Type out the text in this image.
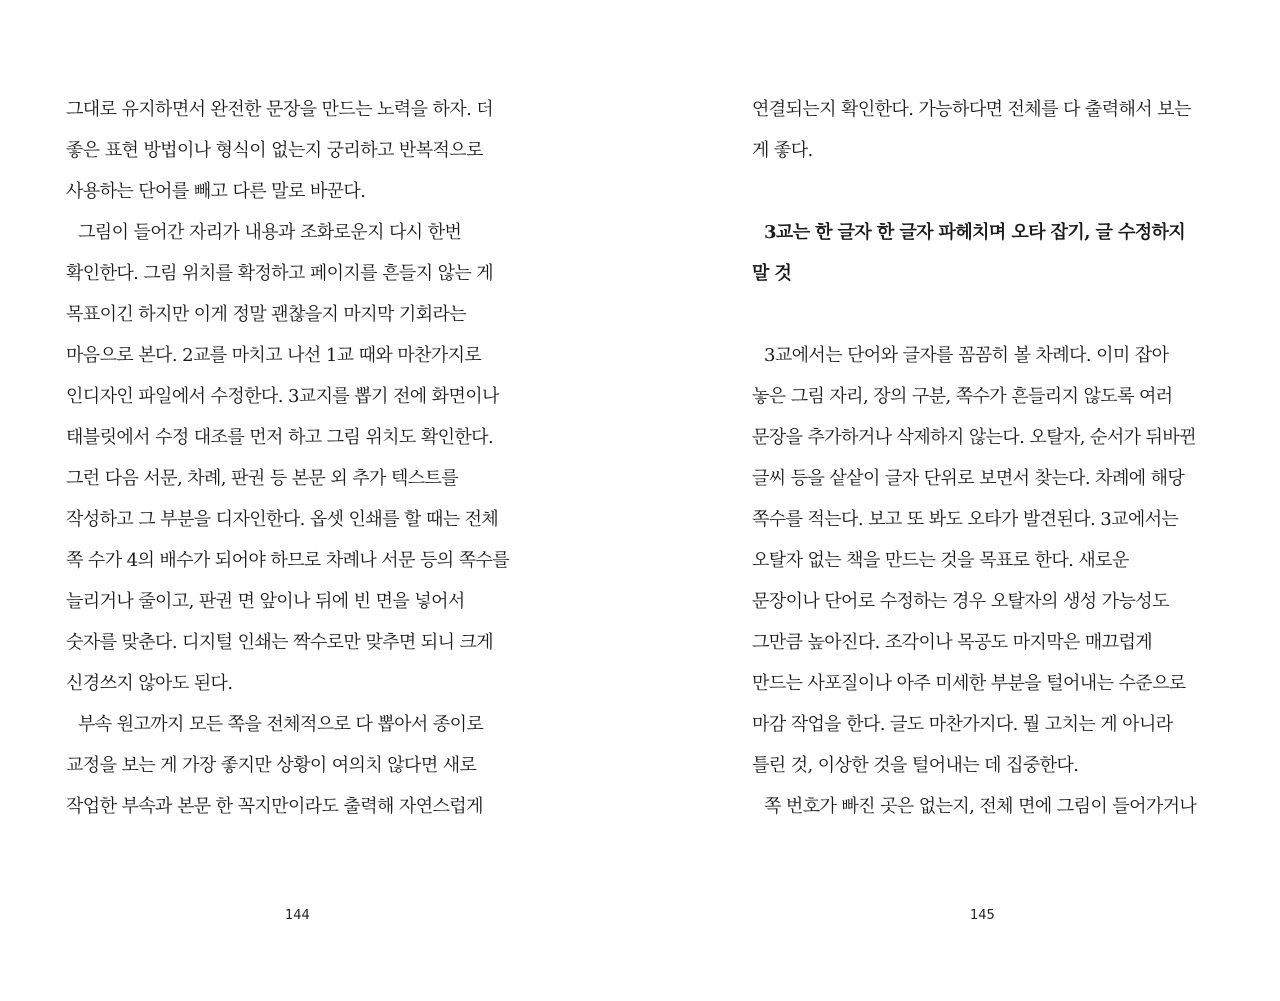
그대로 유지하면서 완전한 문장을 만드는 노력을 하자. 더
좋은 표현 방법이나 형식이 없는지 궁리하고 반복적으로
사용하는 단어를 빼고 다른 말로 바꾼다.
그림이 들어간 자리가 내용과 조화로운지 다시 한번
확인한다. 그림 위치를 확정하고 페이지를 흔들지 않는 게
목표이긴 하지만 이게 정말 괜찮을지 마지막 기회라는
마음으로 본다. 2교를 마치고 나선 1교 때와 마찬가지로
인디자인 파일에서 수정한다. 3교지를 뽑기 전에 화면이나
태블릿에서 수정 대조를 먼저 하고 그림 위치도 확인한다.
그런 다음 서문, 차례, 판권 등 본문 외 추가 텍스트를
작성하고 그 부분을 디자인한다. 옵셋 인쇄를 할 때는 전체
쪽 수가 4의 배수가 되어야 하므로 차례나 서문 등의 쪽수를
늘리거나 줄이고, 판권 면 앞이나 뒤에 빈 면을 넣어서
숫자를 맞춘다. 디지털 인쇄는 짝수로만 맞추면 되니 크게
신경쓰지 않아도 된다.
부속 원고까지 모든 쪽을 전체적으로 다 뽑아서 종이로
교정을 보는 게 가장 좋지만 상황이 여의치 않다면 새로
작업한 부속과 본문 한 꼭지만이라도 출력해 자연스럽게
144
연결되는지 확인한다. 가능하다면 전체를 다 출력해서 보는
게 좋다.
3교는 한 글자 한 글자 파헤치며 오타 잡기, 글 수정하지
말 것
3교에서는 단어와 글자를 꼼꼼히 볼 차례다. 이미 잡아
놓은 그림 자리, 장의 구분, 쪽수가 흔들리지 않도록 여러
문장을 추가하거나 삭제하지 않는다. 오탈자, 순서가 뒤바뀐
글씨 등을 샅샅이 글자 단위로 보면서 찾는다. 차례에 해당
쪽수를 적는다. 보고 또 봐도 오타가 발견된다. 3교에서는
오탈자 없는 책을 만드는 것을 목표로 한다. 새로운
문장이나 단어로 수정하는 경우 오탈자의 생성 가능성도
그만큼 높아진다. 조각이나 목공도 마지막은 매끄럽게
만드는 사포질이나 아주 미세한 부분을 털어내는 수준으로
마감 작업을 한다. 글도 마찬가지다. 뭘 고치는 게 아니라
틀린 것, 이상한 것을 털어내는 데 집중한다.
쪽 번호가 빠진 곳은 없는지, 전체 면에 그림이 들어가거나
145
